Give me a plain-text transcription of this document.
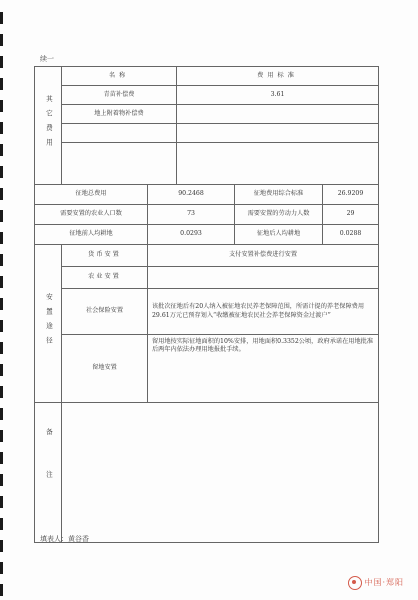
续一
其它费用	名称		费用标准		
	青苗补偿费		3.61		
	地上附着物补偿费				

征地总费用		90.2468		征地费用综合标准	26.9209
需要安置的农业人口数		73		需要安置的劳动力人数	29
征地前人均耕地		0.0293		征地后人均耕地	0.0288
安置途径	货币安置	支付安置补偿费进行安置			
	农业安置				
	社会保险安置	该批次征地后有20人纳入被征地农民养老保障范围，所需计提的养老保障费用29.61万元已预存划入“收缴被征地农民社会养老保障资金过渡户”			
	留地安置	留用地按实际征地面积的10%安排，用地面积0.3352公顷，政府承诺在用地批准后两年内依法办理用地报批手续。			
备注					
填表人：黄谷香
中国·郑阳
